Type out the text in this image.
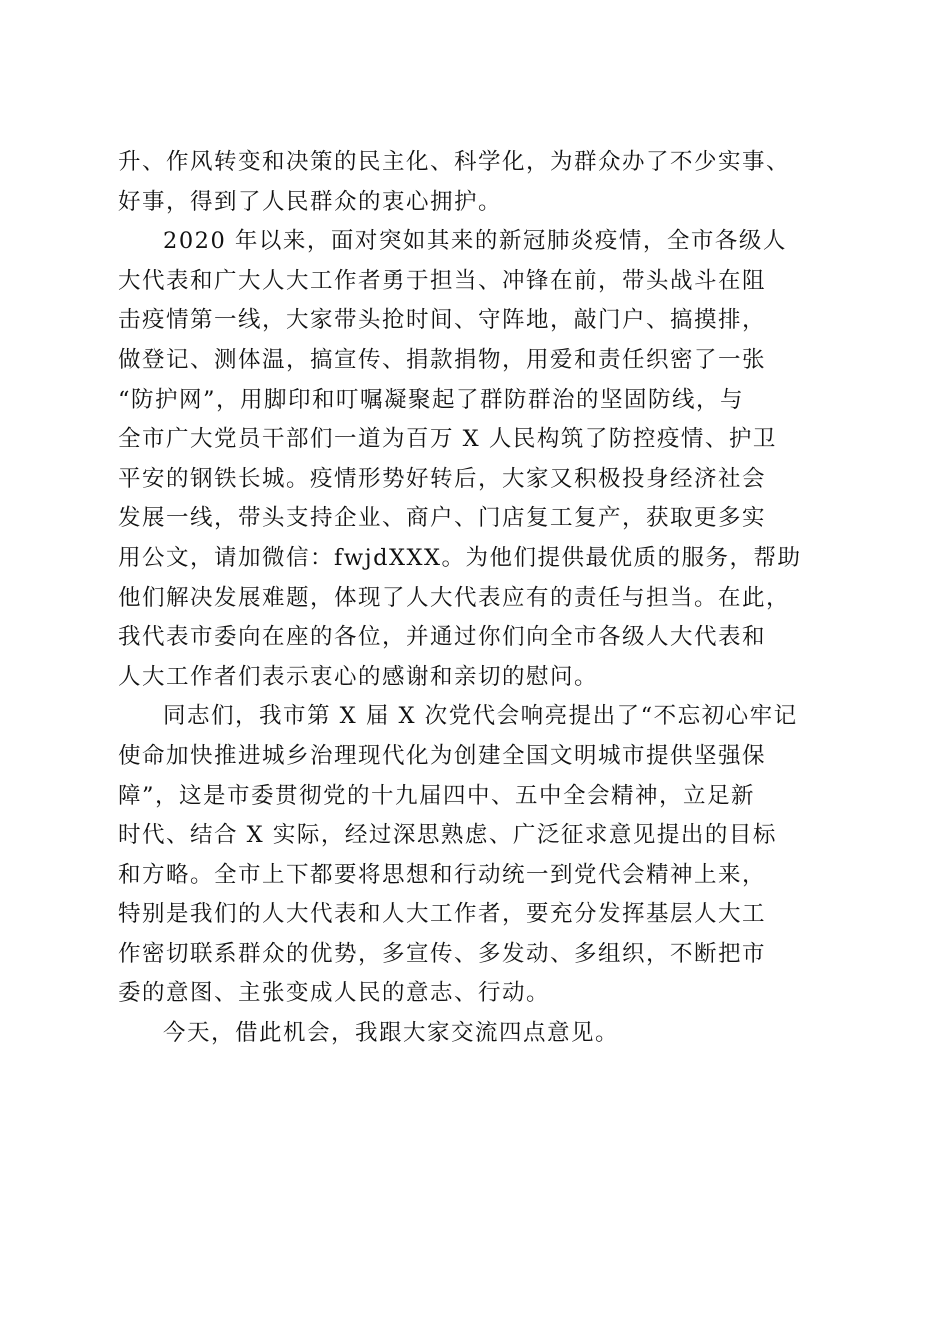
升、作风转变和决策的民主化、科学化，为群众办了不少实事、
好事，得到了人民群众的衷心拥护。
2020 年以来，面对突如其来的新冠肺炎疫情，全市各级人
大代表和广大人大工作者勇于担当、冲锋在前，带头战斗在阻
击疫情第一线，大家带头抢时间、守阵地，敲门户、搞摸排，
做登记、测体温，搞宣传、捐款捐物，用爱和责任织密了一张
“防护网”，用脚印和叮嘱凝聚起了群防群治的坚固防线，与
全市广大党员干部们一道为百万 X 人民构筑了防控疫情、护卫
平安的钢铁长城。疫情形势好转后，大家又积极投身经济社会
发展一线，带头支持企业、商户、门店复工复产，获取更多实
用公文，请加微信：fwjdXXX。为他们提供最优质的服务，帮助
他们解决发展难题，体现了人大代表应有的责任与担当。在此，
我代表市委向在座的各位，并通过你们向全市各级人大代表和
人大工作者们表示衷心的感谢和亲切的慰问。
同志们，我市第 X 届 X 次党代会响亮提出了“不忘初心牢记
使命加快推进城乡治理现代化为创建全国文明城市提供坚强保
障”，这是市委贯彻党的十九届四中、五中全会精神，立足新
时代、结合 X 实际，经过深思熟虑、广泛征求意见提出的目标
和方略。全市上下都要将思想和行动统一到党代会精神上来，
特别是我们的人大代表和人大工作者，要充分发挥基层人大工
作密切联系群众的优势，多宣传、多发动、多组织，不断把市
委的意图、主张变成人民的意志、行动。
今天，借此机会，我跟大家交流四点意见。
